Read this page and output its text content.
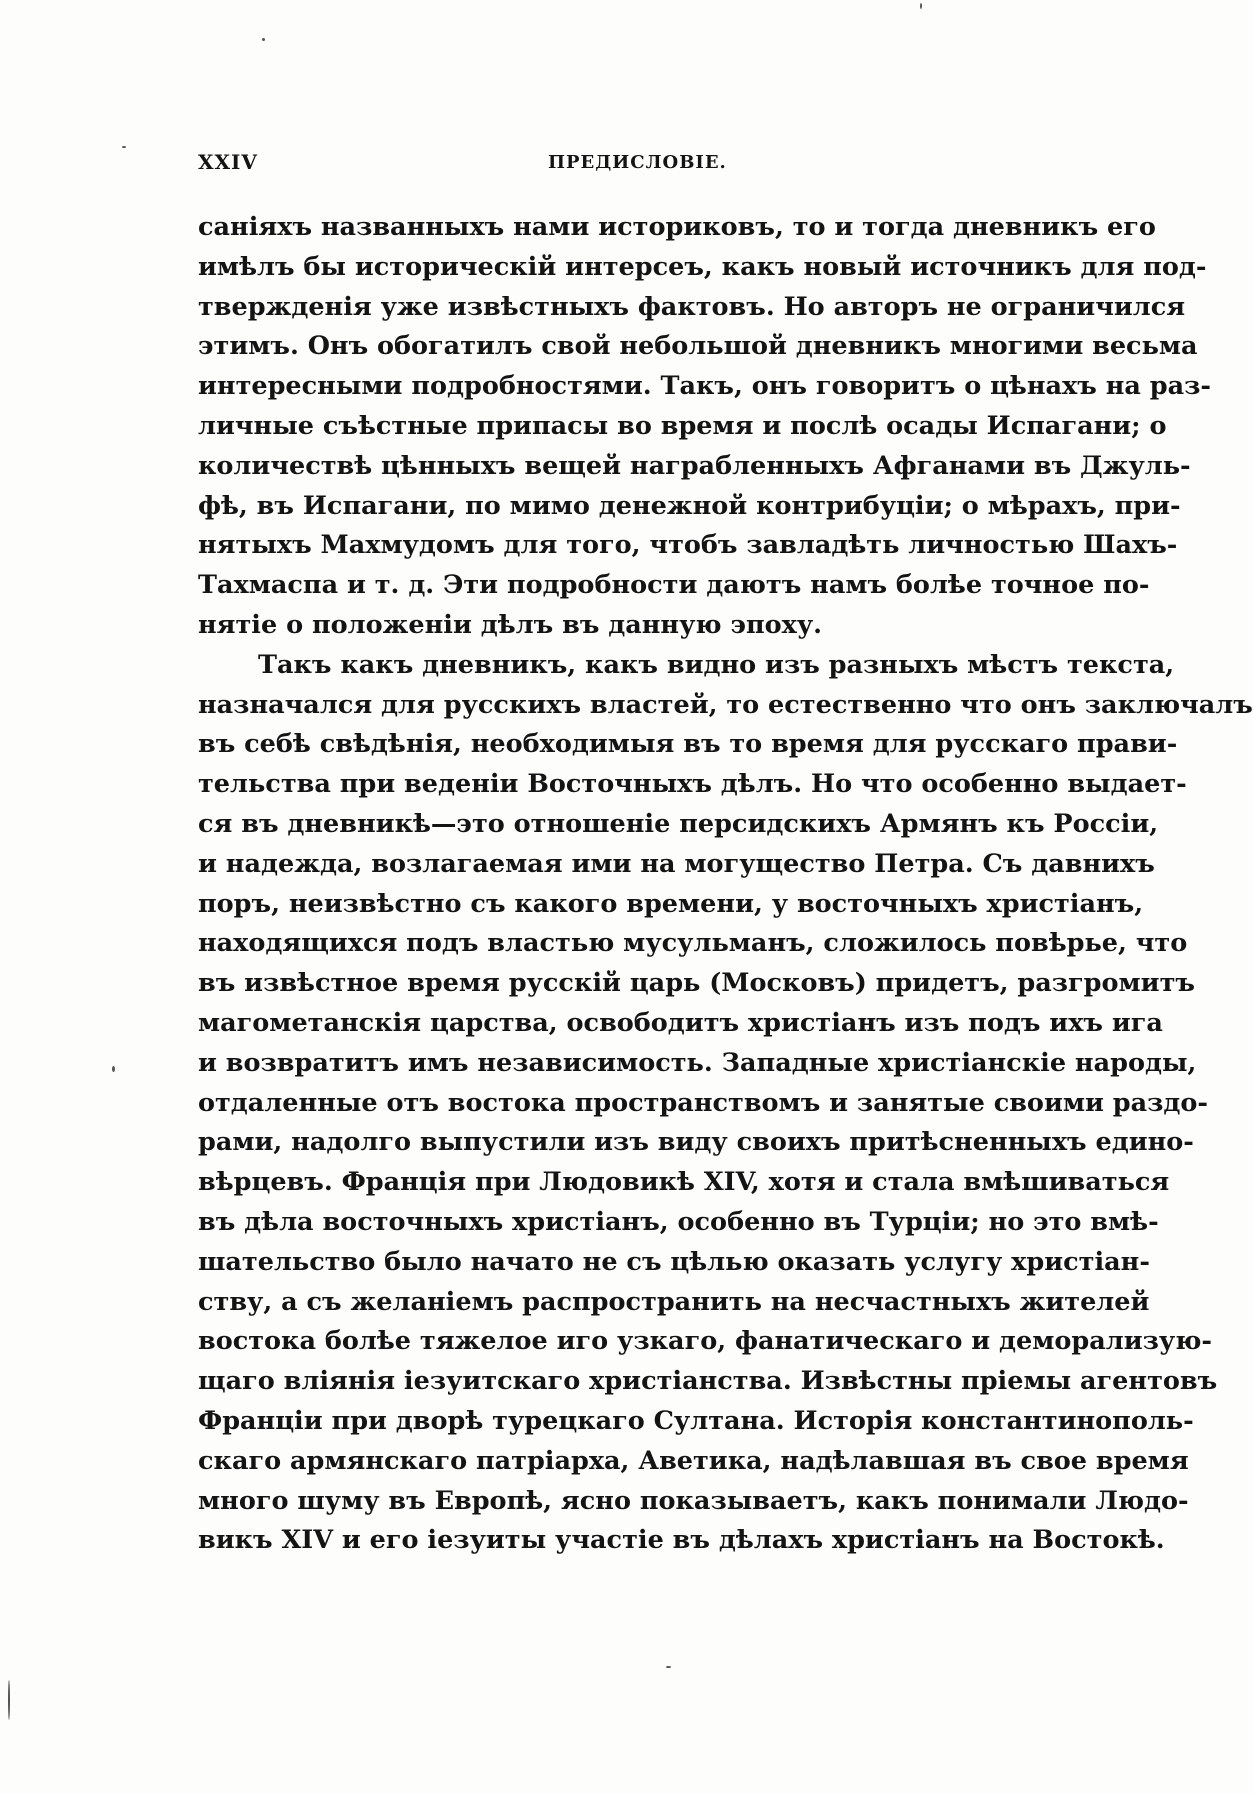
XXIV	ПРЕДИСЛОВІЕ.

саніяхъ названныхъ нами историковъ, то и тогда дневникъ его
имѣлъ бы историческій интерсеъ, какъ новый источникъ для под-
твержденія уже извѣстныхъ фактовъ. Но авторъ не ограничился
этимъ. Онъ обогатилъ свой небольшой дневникъ многими весьма
интересными подробностями. Такъ, онъ говоритъ о цѣнахъ на раз-
личные съѣстные припасы во время и послѣ осады Испагани; о
количествѣ цѣнныхъ вещей награбленныхъ Афганами въ Джуль-
фѣ, въ Испагани, по мимо денежной контрибуціи; о мѣрахъ, при-
нятыхъ Махмудомъ для того, чтобъ завладѣть личностью Шахъ-
Тахмаспа и т. д. Эти подробности даютъ намъ болѣе точное по-
нятіе о положеніи дѣлъ въ данную эпоху.

Такъ какъ дневникъ, какъ видно изъ разныхъ мѣстъ текста,
назначался для русскихъ властей, то естественно что онъ заключалъ
въ себѣ свѣдѣнія, необходимыя въ то время для русскаго прави-
тельства при веденіи Восточныхъ дѣлъ. Но что особенно выдает-
ся въ дневникѣ—это отношеніе персидскихъ Армянъ къ Россіи,
и надежда, возлагаемая ими на могущество Петра. Съ давнихъ
поръ, неизвѣстно съ какого времени, у восточныхъ христіанъ,
находящихся подъ властью мусульманъ, сложилось повѣрье, что
въ извѣстное время русскій царь (Московъ) придетъ, разгромитъ
магометанскія царства, освободитъ христіанъ изъ подъ ихъ ига
и возвратитъ имъ независимость. Западные христіанскіе народы,
отдаленные отъ востока пространствомъ и занятые своими раздо-
рами, надолго выпустили изъ виду своихъ притѣсненныхъ едино-
вѣрцевъ. Франція при Людовикѣ XIV, хотя и стала вмѣшиваться
въ дѣла восточныхъ христіанъ, особенно въ Турціи; но это вмѣ-
шательство было начато не съ цѣлью оказать услугу христіан-
ству, а съ желаніемъ распространить на несчастныхъ жителей
востока болѣе тяжелое иго узкаго, фанатическаго и деморализую-
щаго вліянія іезуитскаго христіанства. Извѣстны пріемы агентовъ
Франціи при дворѣ турецкаго Султана. Исторія константинополь-
скаго армянскаго патріарха, Аветика, надѣлавшая въ свое время
много шуму въ Европѣ, ясно показываетъ, какъ понимали Людо-
викъ XIV и его іезуиты участіе въ дѣлахъ христіанъ на Востокѣ.
